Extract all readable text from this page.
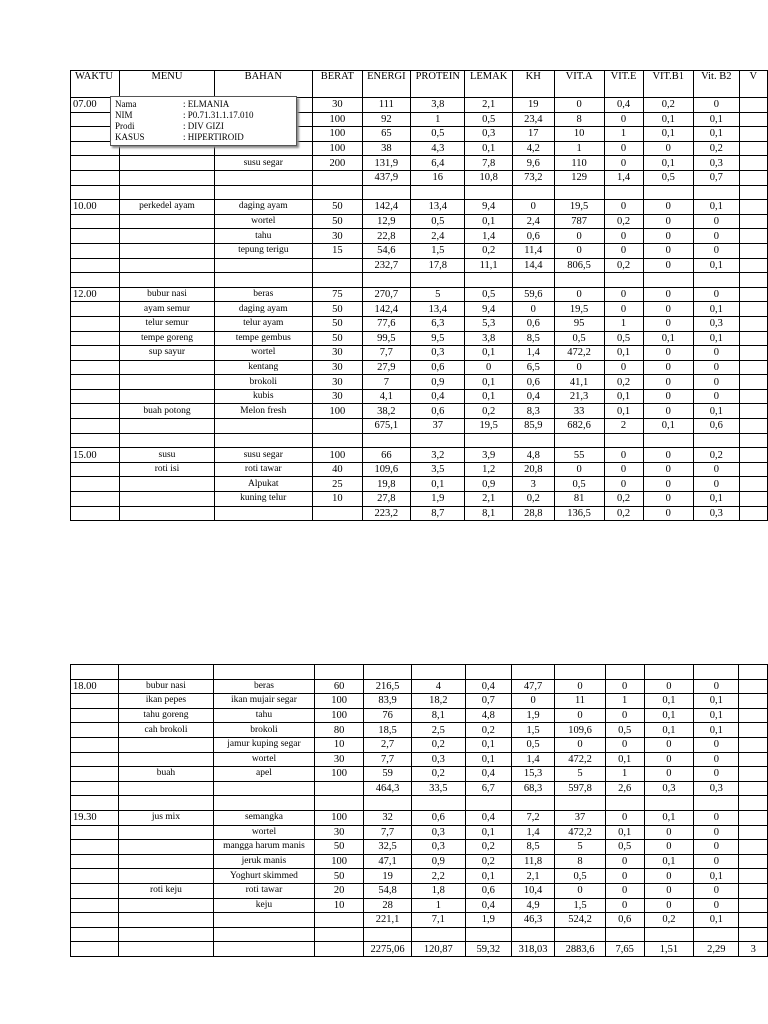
WAKTU	MENU	BAHAN	BERAT	ENERGI	PROTEIN	LEMAK	KH	VIT.A	VIT.E	VIT.B1	Vit. B2	V
07.00			30	111	3,8	2,1	19	0	0,4	0,2	0	
			100	92	1	0,5	23,4	8	0	0,1	0,1	
			100	65	0,5	0,3	17	10	1	0,1	0,1	
			100	38	4,3	0,1	4,2	1	0	0	0,2	
		susu segar	200	131,9	6,4	7,8	9,6	110	0	0,1	0,3	
				437,9	16	10,8	73,2	129	1,4	0,5	0,7	

10.00	perkedel ayam	daging ayam	50	142,4	13,4	9,4	0	19,5	0	0	0,1	
		wortel	50	12,9	0,5	0,1	2,4	787	0,2	0	0	
		tahu	30	22,8	2,4	1,4	0,6	0	0	0	0	
		tepung terigu	15	54,6	1,5	0,2	11,4	0	0	0	0	
				232,7	17,8	11,1	14,4	806,5	0,2	0	0,1	

12.00	bubur nasi	beras	75	270,7	5	0,5	59,6	0	0	0	0	
	ayam semur	daging ayam	50	142,4	13,4	9,4	0	19,5	0	0	0,1	
	telur semur	telur ayam	50	77,6	6,3	5,3	0,6	95	1	0	0,3	
	tempe goreng	tempe gembus	50	99,5	9,5	3,8	8,5	0,5	0,5	0,1	0,1	
	sup sayur	wortel	30	7,7	0,3	0,1	1,4	472,2	0,1	0	0	
		kentang	30	27,9	0,6	0	6,5	0	0	0	0	
		brokoli	30	7	0,9	0,1	0,6	41,1	0,2	0	0	
		kubis	30	4,1	0,4	0,1	0,4	21,3	0,1	0	0	
	buah potong	Melon fresh	100	38,2	0,6	0,2	8,3	33	0,1	0	0,1	
				675,1	37	19,5	85,9	682,6	2	0,1	0,6	

15.00	susu	susu segar	100	66	3,2	3,9	4,8	55	0	0	0,2	
	roti isi	roti tawar	40	109,6	3,5	1,2	20,8	0	0	0	0	
		Alpukat	25	19,8	0,1	0,9	3	0,5	0	0	0	
		kuning telur	10	27,8	1,9	2,1	0,2	81	0,2	0	0,1	
				223,2	8,7	8,1	28,8	136,5	0,2	0	0,3	

18.00	bubur nasi	beras	60	216,5	4	0,4	47,7	0	0	0	0	
	ikan pepes	ikan mujair segar	100	83,9	18,2	0,7	0	11	1	0,1	0,1	
	tahu goreng	tahu	100	76	8,1	4,8	1,9	0	0	0,1	0,1	
	cah brokoli	brokoli	80	18,5	2,5	0,2	1,5	109,6	0,5	0,1	0,1	
		jamur kuping segar	10	2,7	0,2	0,1	0,5	0	0	0	0	
		wortel	30	7,7	0,3	0,1	1,4	472,2	0,1	0	0	
	buah	apel	100	59	0,2	0,4	15,3	5	1	0	0	
				464,3	33,5	6,7	68,3	597,8	2,6	0,3	0,3	

19.30	jus mix	semangka	100	32	0,6	0,4	7,2	37	0	0,1	0	
		wortel	30	7,7	0,3	0,1	1,4	472,2	0,1	0	0	
		mangga harum manis	50	32,5	0,3	0,2	8,5	5	0,5	0	0	
		jeruk manis	100	47,1	0,9	0,2	11,8	8	0	0,1	0	
		Yoghurt skimmed	50	19	2,2	0,1	2,1	0,5	0	0	0,1	
	roti keju	roti tawar	20	54,8	1,8	0,6	10,4	0	0	0	0	
		keju	10	28	1	0,4	4,9	1,5	0	0	0	
				221,1	7,1	1,9	46,3	524,2	0,6	0,2	0,1	

				2275,06	120,87	59,32	318,03	2883,6	7,65	1,51	2,29	3
Nama	: ELMANIA
NIM	: P0.71.31.1.17.010
Prodi	: DIV GIZI
KASUS	: HIPERTIROID
